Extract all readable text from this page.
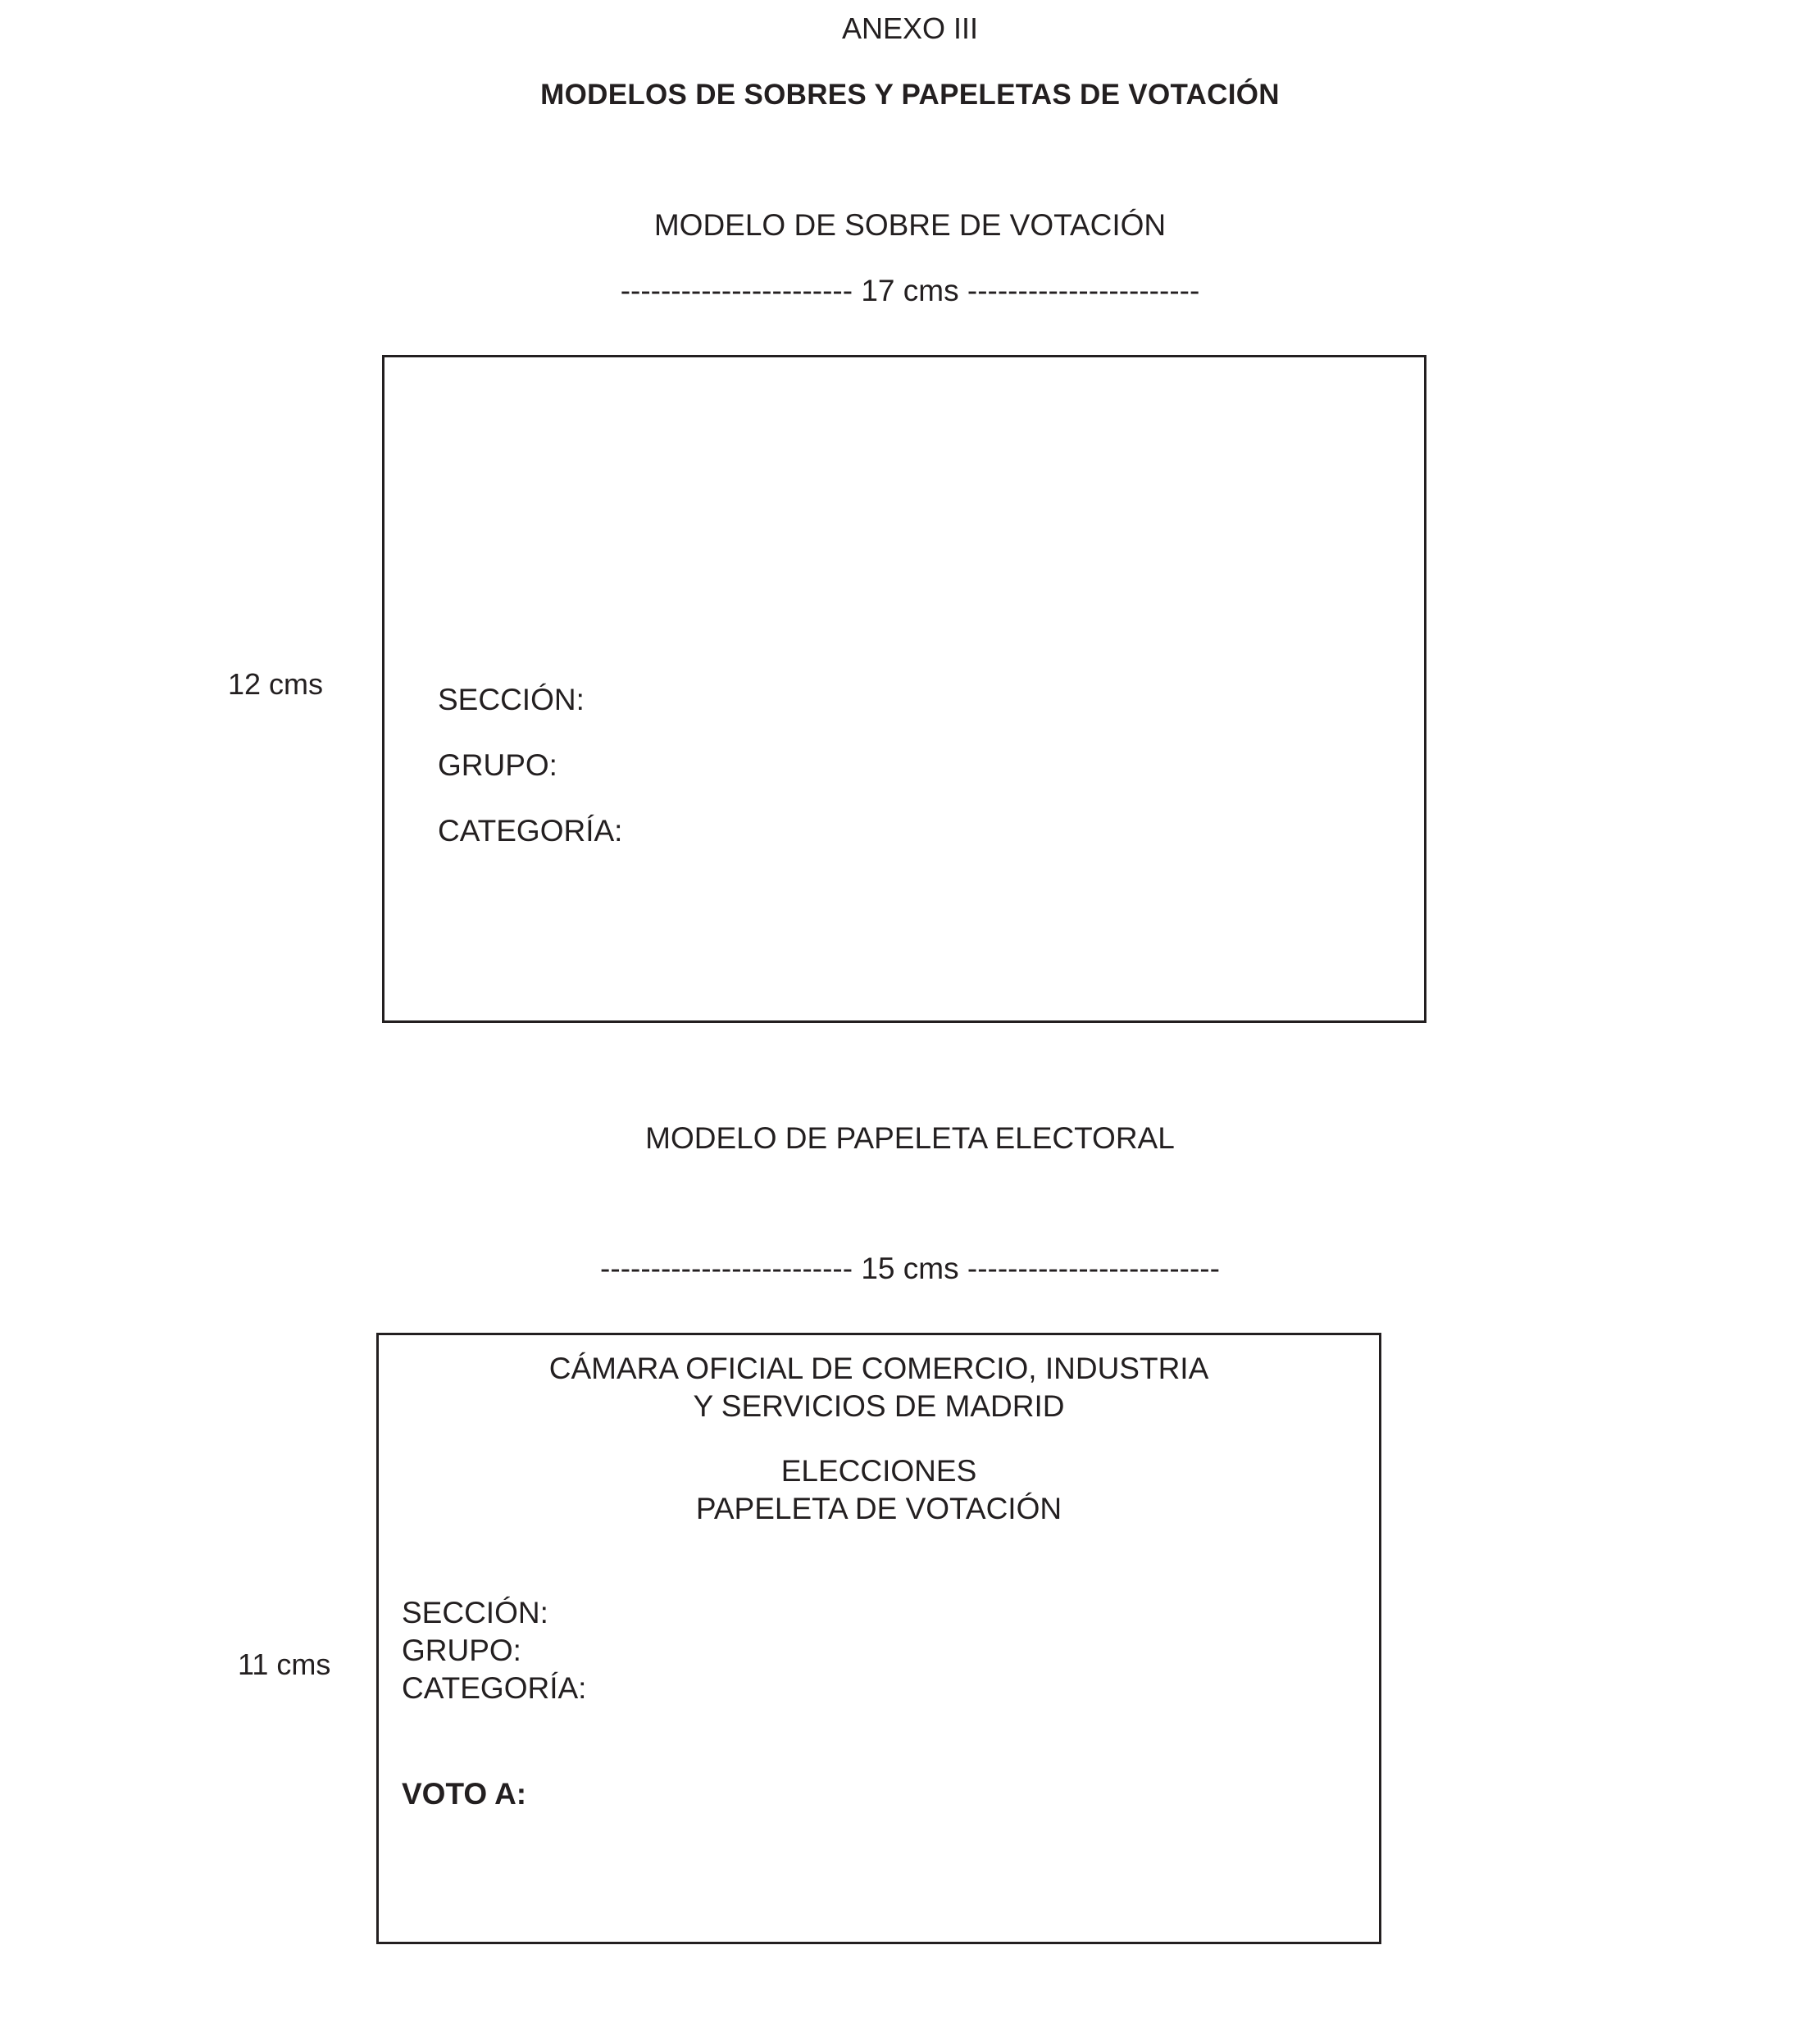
ANEXO III
MODELOS DE SOBRES Y PAPELETAS DE VOTACIÓN
MODELO DE SOBRE DE VOTACIÓN
----------------------- 17 cms -----------------------
12 cms	SECCIÓN:
GRUPO:
CATEGORÍA:
MODELO DE PAPELETA ELECTORAL
------------------------- 15 cms -------------------------
11 cms
CÁMARA OFICIAL DE COMERCIO, INDUSTRIA
Y SERVICIOS DE MADRID
ELECCIONES
PAPELETA DE VOTACIÓN
SECCIÓN:
GRUPO:
CATEGORÍA:
VOTO A:
